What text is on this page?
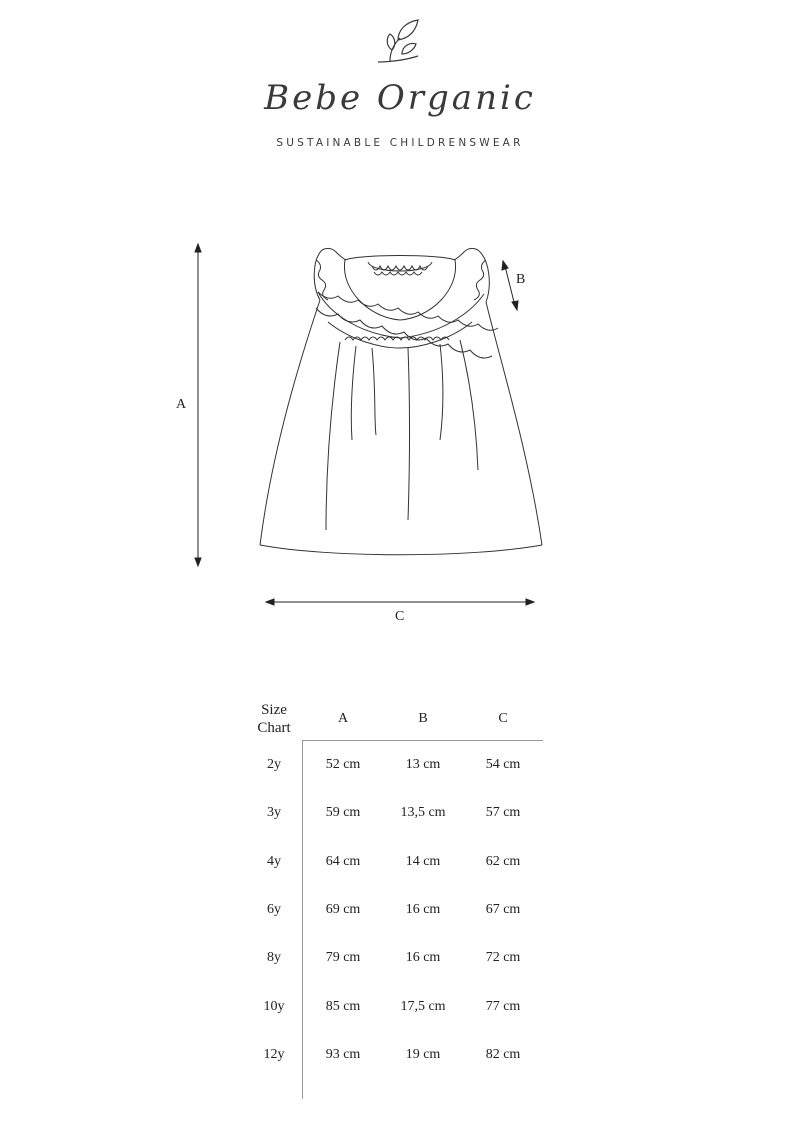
Bebe Organic
SUSTAINABLE CHILDRENSWEAR
A
B
C
Size
Chart	A	B	C
2y	52 cm	13 cm	54 cm
3y	59 cm	13,5 cm	57 cm
4y	64 cm	14 cm	62 cm
6y	69 cm	16 cm	67 cm
8y	79 cm	16 cm	72 cm
10y	85 cm	17,5 cm	77 cm
12y	93 cm	19 cm	82 cm
